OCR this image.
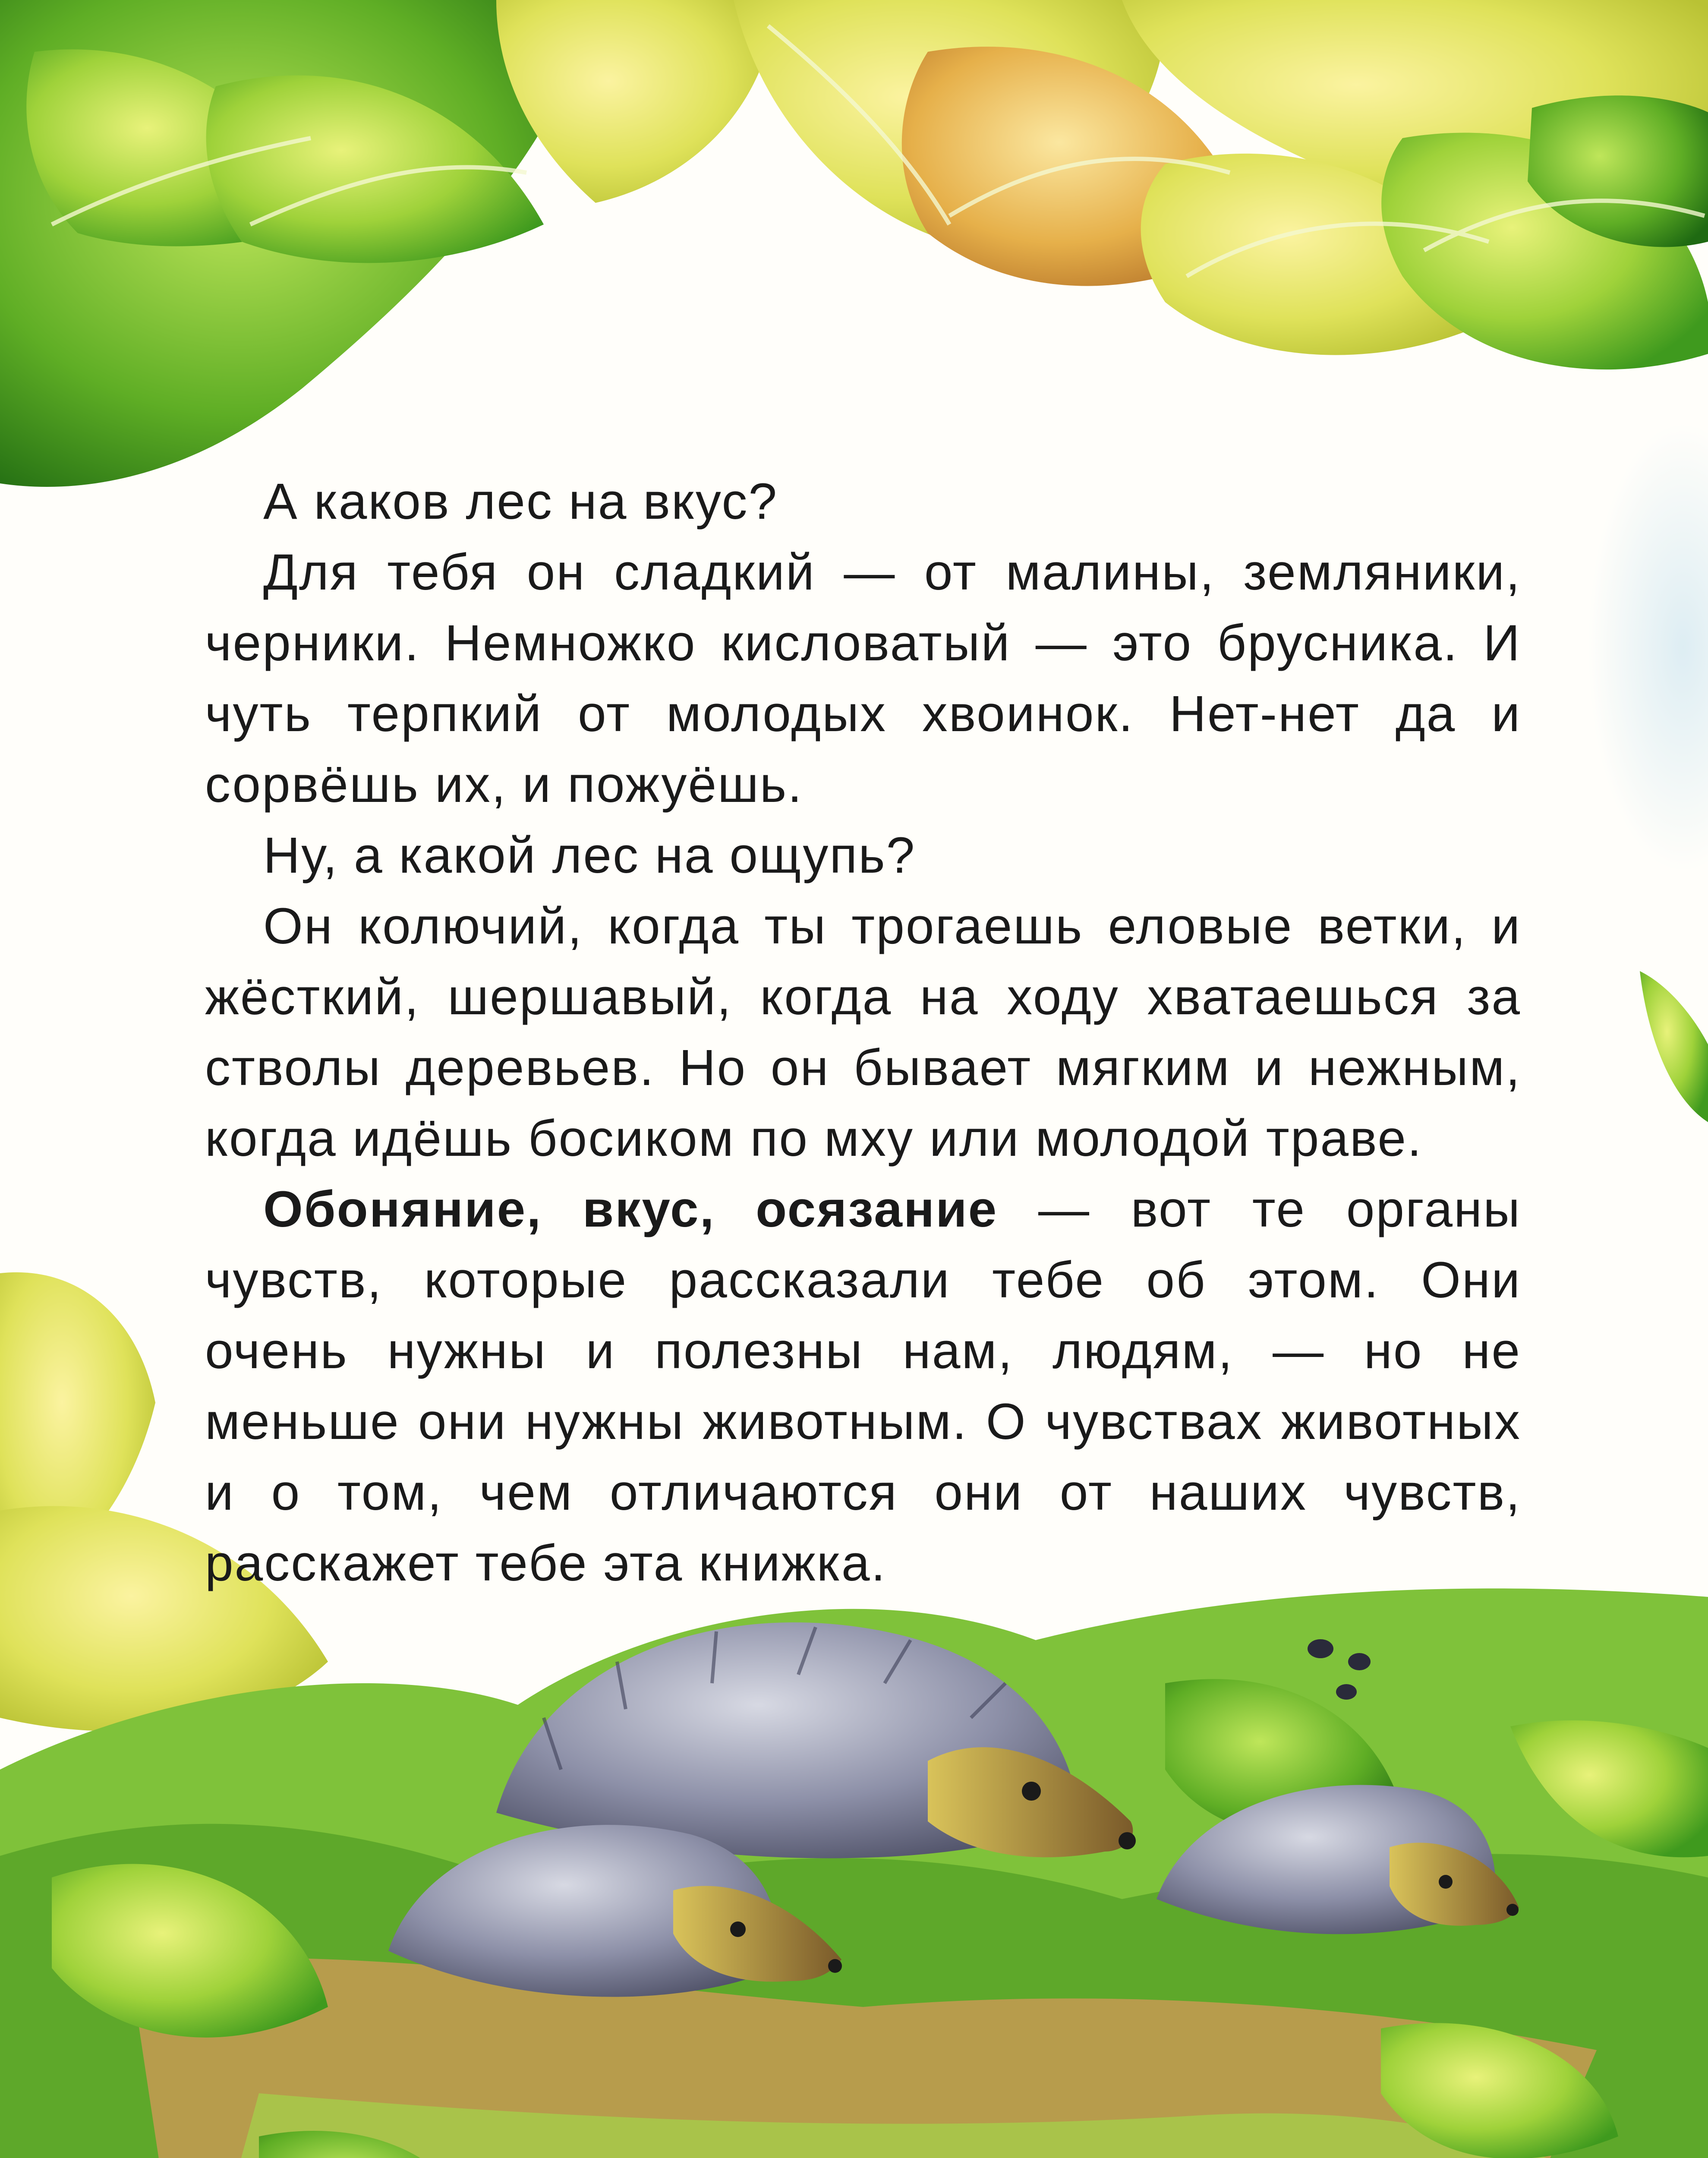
А каков лес на вкус?

Для тебя он сладкий — от малины, земляники, черники. Немножко кисловатый — это брусника. И чуть терпкий от молодых хвоинок. Нет-нет да и сорвёшь их, и пожуёшь.

Ну, а какой лес на ощупь?

Он колючий, когда ты трогаешь еловые ветки, и жёсткий, шершавый, когда на ходу хватаешься за стволы деревьев. Но он бывает мягким и нежным, когда идёшь босиком по мху или молодой траве.

Обоняние, вкус, осязание — вот те органы чувств, которые рассказали тебе об этом. Они очень нужны и полезны нам, людям, — но не меньше они нужны животным. О чувствах животных и о том, чем отличаются они от наших чувств, расскажет тебе эта книжка.
